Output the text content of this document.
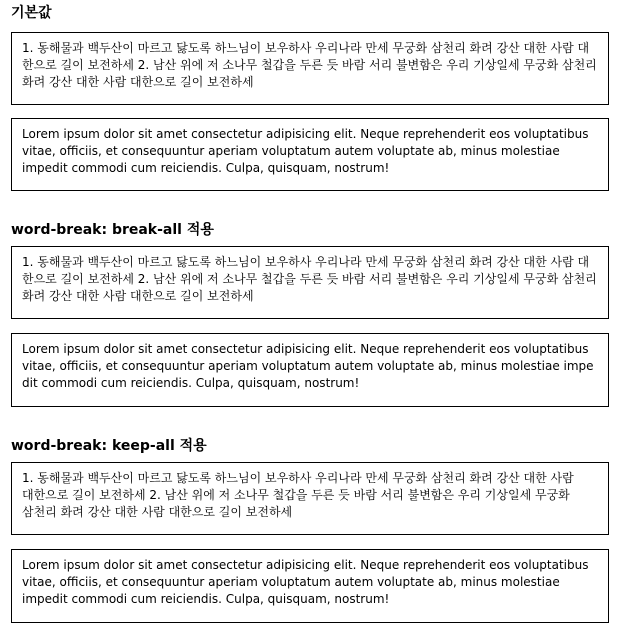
기본값

1. 동해물과 백두산이 마르고 닳도록 하느님이 보우하사 우리나라 만세 무궁화 삼천리 화려 강산 대한 사람 대한으로 길이 보전하세 2. 남산 위에 저 소나무 철갑을 두른 듯 바람 서리 불변함은 우리 기상일세 무궁화 삼천리 화려 강산 대한 사람 대한으로 길이 보전하세

Lorem ipsum dolor sit amet consectetur adipisicing elit. Neque reprehenderit eos voluptatibus vitae, officiis, et consequuntur aperiam voluptatum autem voluptate ab, minus molestiae impedit commodi cum reiciendis. Culpa, quisquam, nostrum!

word-break: break-all 적용

1. 동해물과 백두산이 마르고 닳도록 하느님이 보우하사 우리나라 만세 무궁화 삼천리 화려 강산 대한 사람 대한으로 길이 보전하세 2. 남산 위에 저 소나무 철갑을 두른 듯 바람 서리 불변함은 우리 기상일세 무궁화 삼천리 화려 강산 대한 사람 대한으로 길이 보전하세

Lorem ipsum dolor sit amet consectetur adipisicing elit. Neque reprehenderit eos voluptatibus vitae, officiis, et consequuntur aperiam voluptatum autem voluptate ab, minus molestiae impedit commodi cum reiciendis. Culpa, quisquam, nostrum!

word-break: keep-all 적용

1. 동해물과 백두산이 마르고 닳도록 하느님이 보우하사 우리나라 만세 무궁화 삼천리 화려 강산 대한 사람 대한으로 길이 보전하세 2. 남산 위에 저 소나무 철갑을 두른 듯 바람 서리 불변함은 우리 기상일세 무궁화 삼천리 화려 강산 대한 사람 대한으로 길이 보전하세

Lorem ipsum dolor sit amet consectetur adipisicing elit. Neque reprehenderit eos voluptatibus vitae, officiis, et consequuntur aperiam voluptatum autem voluptate ab, minus molestiae impedit commodi cum reiciendis. Culpa, quisquam, nostrum!
